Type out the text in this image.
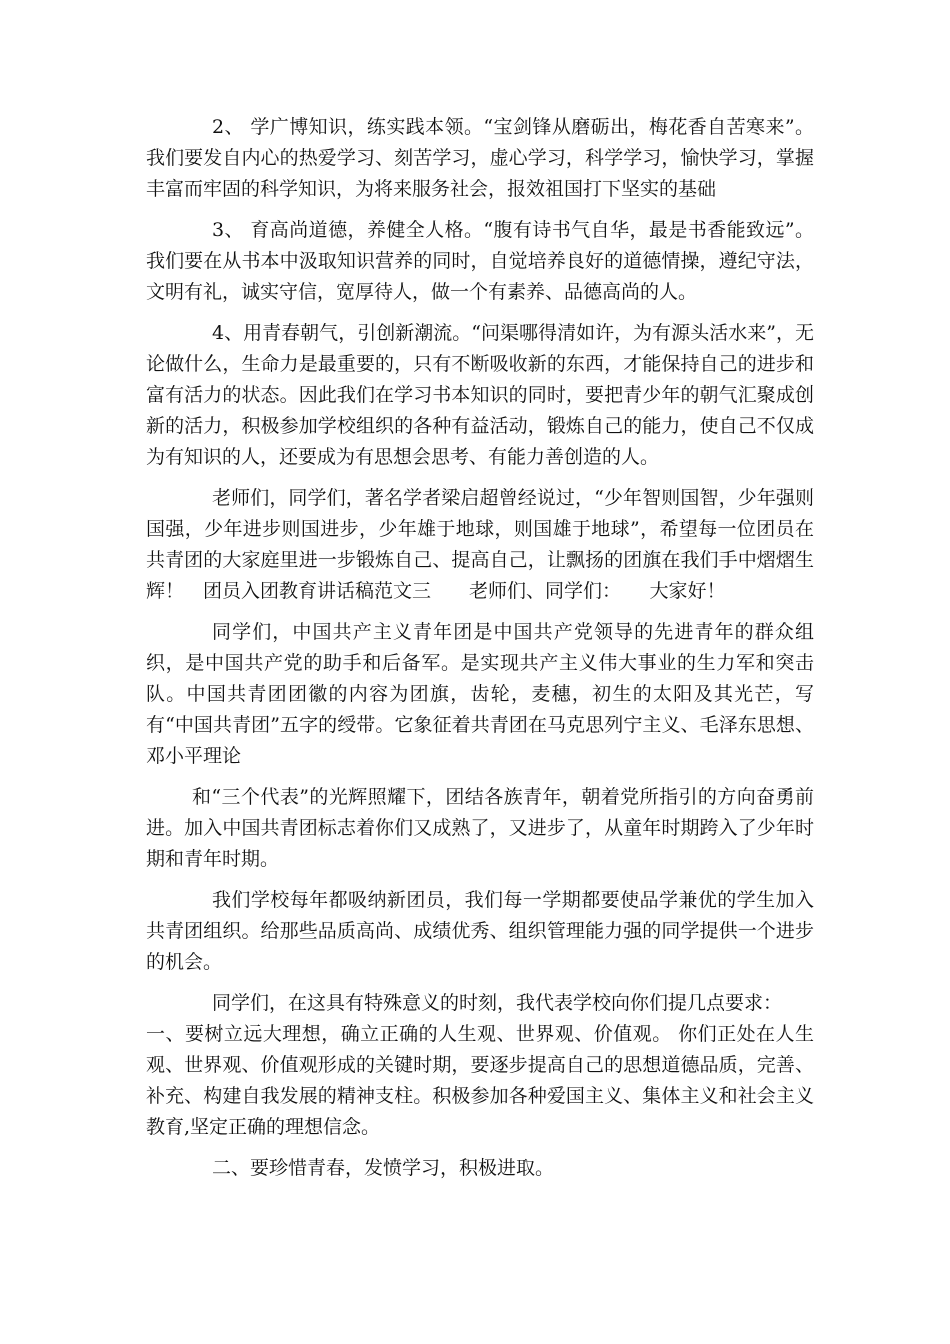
2、 学广博知识，练实践本领。“宝剑锋从磨砺出，梅花香自苦寒来”。我们要发自内心的热爱学习、刻苦学习，虚心学习，科学学习，愉快学习，掌握丰富而牢固的科学知识，为将来服务社会，报效祖国打下坚实的基础

3、 育高尚道德，养健全人格。“腹有诗书气自华，最是书香能致远”。我们要在从书本中汲取知识营养的同时，自觉培养良好的道德情操，遵纪守法，文明有礼，诚实守信，宽厚待人，做一个有素养、品德高尚的人。

4、用青春朝气，引创新潮流。“问渠哪得清如许，为有源头活水来”，无论做什么，生命力是最重要的，只有不断吸收新的东西，才能保持自己的进步和富有活力的状态。因此我们在学习书本知识的同时，要把青少年的朝气汇聚成创新的活力，积极参加学校组织的各种有益活动，锻炼自己的能力，使自己不仅成为有知识的人，还要成为有思想会思考、有能力善创造的人。

老师们，同学们，著名学者梁启超曾经说过，“少年智则国智，少年强则国强，少年进步则国进步，少年雄于地球，则国雄于地球”，希望每一位团员在共青团的大家庭里进一步锻炼自己、提高自己，让飘扬的团旗在我们手中熠熠生辉！　团员入团教育讲话稿范文三　　老师们、同学们：　　大家好！

同学们，中国共产主义青年团是中国共产党领导的先进青年的群众组织，是中国共产党的助手和后备军。是实现共产主义伟大事业的生力军和突击队。中国共青团团徽的内容为团旗，齿轮，麦穗，初生的太阳及其光芒，写有“中国共青团”五字的绶带。它象征着共青团在马克思列宁主义、毛泽东思想、邓小平理论

和“三个代表”的光辉照耀下，团结各族青年，朝着党所指引的方向奋勇前进。加入中国共青团标志着你们又成熟了，又进步了，从童年时期跨入了少年时期和青年时期。

我们学校每年都吸纳新团员，我们每一学期都要使品学兼优的学生加入共青团组织。给那些品质高尚、成绩优秀、组织管理能力强的同学提供一个进步的机会。

同学们，在这具有特殊意义的时刻，我代表学校向你们提几点要求：

一、要树立远大理想，确立正确的人生观、世界观、价值观。 你们正处在人生观、世界观、价值观形成的关键时期，要逐步提高自己的思想道德品质，完善、补充、构建自我发展的精神支柱。积极参加各种爱国主义、集体主义和社会主义教育,坚定正确的理想信念。

二、要珍惜青春，发愤学习，积极进取。
